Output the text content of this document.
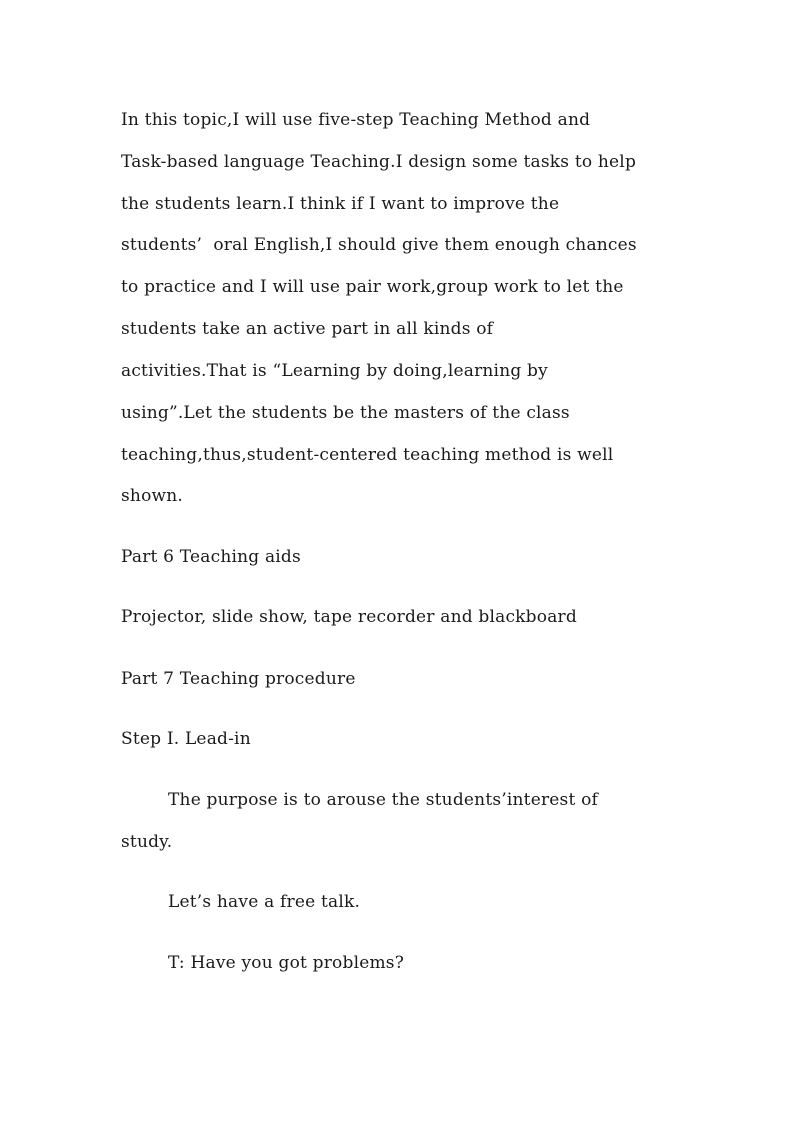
In this topic,I will use five-step Teaching Method and
Task-based language Teaching.I design some tasks to help
the students learn.I think if I want to improve the
students’  oral English,I should give them enough chances
to practice and I will use pair work,group work to let the
students take an active part in all kinds of
activities.That is “Learning by doing,learning by
using”.Let the students be the masters of the class
teaching,thus,student-centered teaching method is well
shown.
Part 6 Teaching aids
Projector, slide show, tape recorder and blackboard
Part 7 Teaching procedure
Step Ⅰ. Lead-in
The purpose is to arouse the students’interest of
study.
Let’s have a free talk.
T: Have you got problems?
